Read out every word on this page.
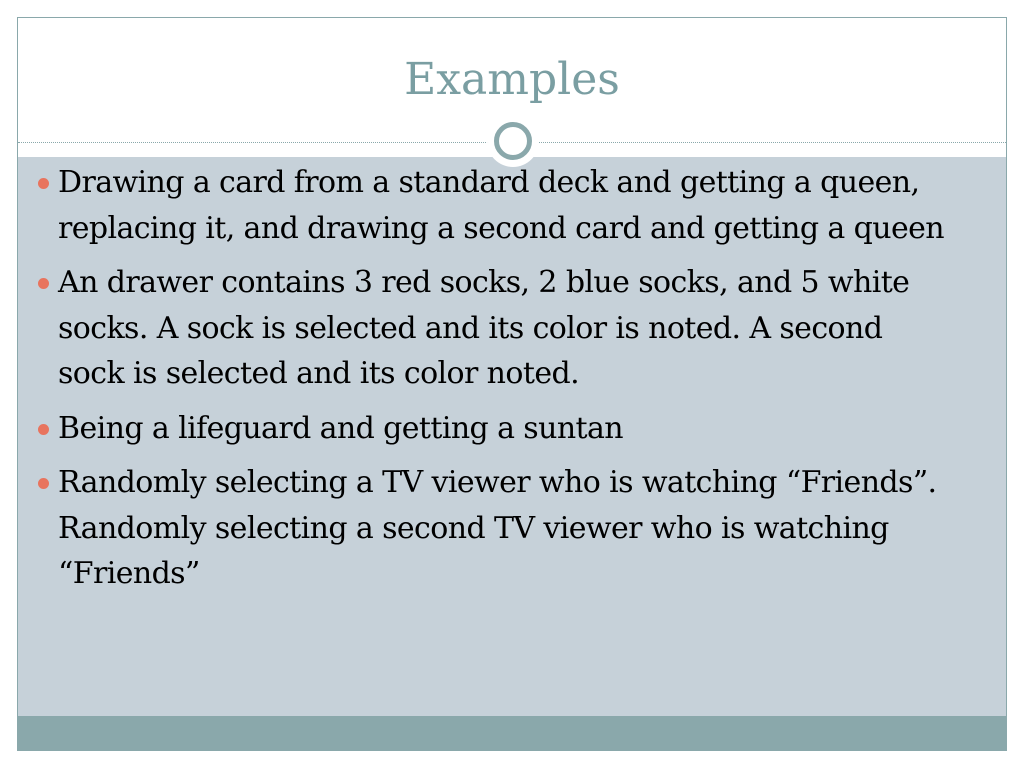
Examples
Drawing a card from a standard deck and getting a queen, replacing it, and drawing a second card and getting a queen
An drawer contains 3 red socks, 2 blue socks, and 5 white socks. A sock is selected and its color is noted. A second sock is selected and its color noted.
Being a lifeguard and getting a suntan
Randomly selecting a TV viewer who is watching “Friends”. Randomly selecting a second TV viewer who is watching “Friends”
